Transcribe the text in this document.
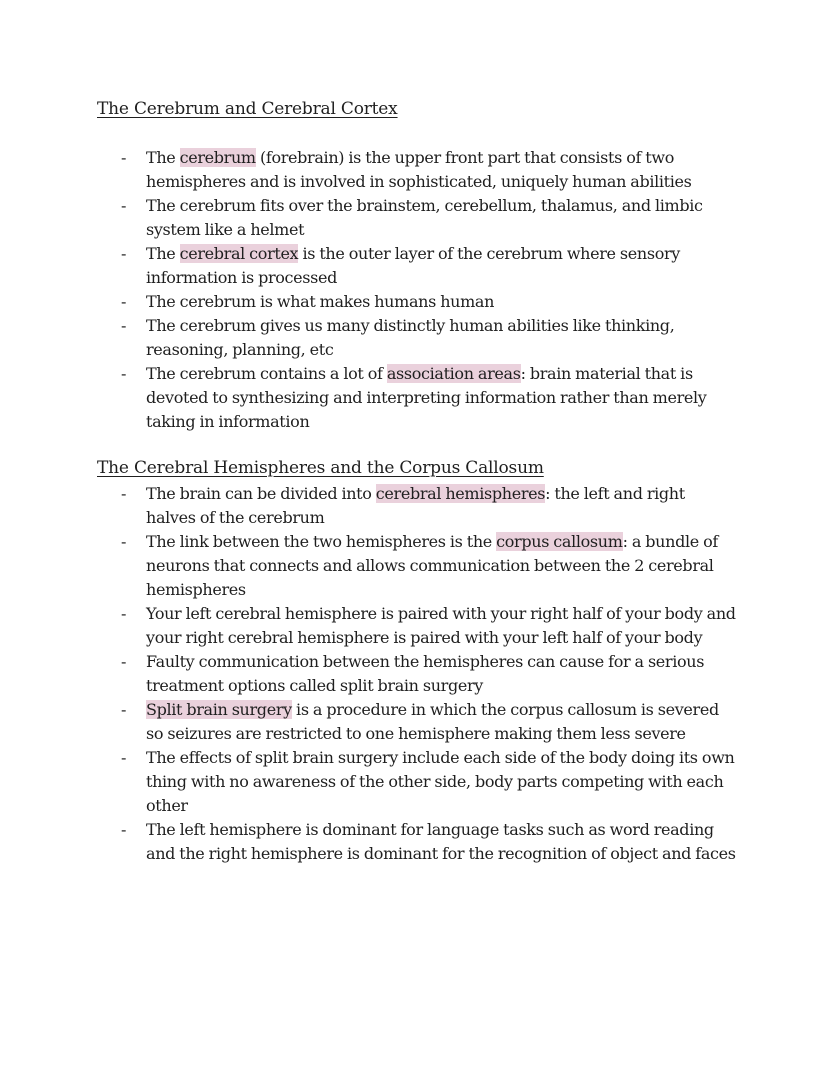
The Cerebrum and Cerebral Cortex
- The cerebrum (forebrain) is the upper front part that consists of two hemispheres and is involved in sophisticated, uniquely human abilities
- The cerebrum fits over the brainstem, cerebellum, thalamus, and limbic system like a helmet
- The cerebral cortex is the outer layer of the cerebrum where sensory information is processed
- The cerebrum is what makes humans human
- The cerebrum gives us many distinctly human abilities like thinking, reasoning, planning, etc
- The cerebrum contains a lot of association areas: brain material that is devoted to synthesizing and interpreting information rather than merely taking in information
The Cerebral Hemispheres and the Corpus Callosum
- The brain can be divided into cerebral hemispheres: the left and right halves of the cerebrum
- The link between the two hemispheres is the corpus callosum: a bundle of neurons that connects and allows communication between the 2 cerebral hemispheres
- Your left cerebral hemisphere is paired with your right half of your body and your right cerebral hemisphere is paired with your left half of your body
- Faulty communication between the hemispheres can cause for a serious treatment options called split brain surgery
- Split brain surgery is a procedure in which the corpus callosum is severed so seizures are restricted to one hemisphere making them less severe
- The effects of split brain surgery include each side of the body doing its own thing with no awareness of the other side, body parts competing with each other
- The left hemisphere is dominant for language tasks such as word reading and the right hemisphere is dominant for the recognition of object and faces
